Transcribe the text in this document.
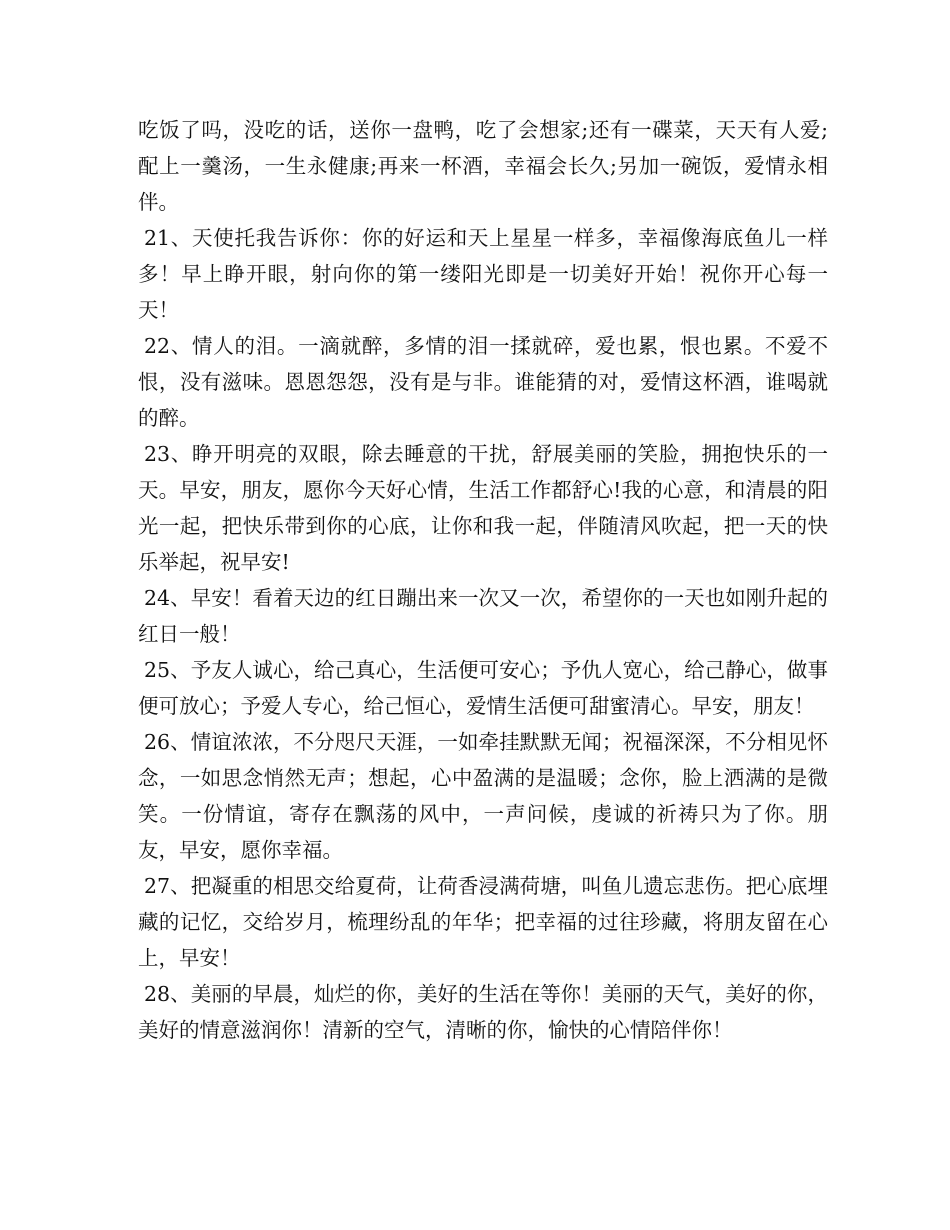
吃饭了吗，没吃的话，送你一盘鸭，吃了会想家;还有一碟菜，天天有人爱;配上一羹汤，一生永健康;再来一杯酒，幸福会长久;另加一碗饭，爱情永相伴。

21、天使托我告诉你：你的好运和天上星星一样多，幸福像海底鱼儿一样多！早上睁开眼，射向你的第一缕阳光即是一切美好开始！祝你开心每一天！

22、情人的泪。一滴就醉，多情的泪一揉就碎，爱也累，恨也累。不爱不恨，没有滋味。恩恩怨怨，没有是与非。谁能猜的对，爱情这杯酒，谁喝就的醉。

23、睁开明亮的双眼，除去睡意的干扰，舒展美丽的笑脸，拥抱快乐的一天。早安，朋友，愿你今天好心情，生活工作都舒心!我的心意，和清晨的阳光一起，把快乐带到你的心底，让你和我一起，伴随清风吹起，把一天的快乐举起，祝早安!

24、早安！看着天边的红日蹦出来一次又一次，希望你的一天也如刚升起的红日一般！

25、予友人诚心，给己真心，生活便可安心；予仇人宽心，给己静心，做事便可放心；予爱人专心，给己恒心，爱情生活便可甜蜜清心。早安，朋友！

26、情谊浓浓，不分咫尺天涯，一如牵挂默默无闻；祝福深深，不分相见怀念，一如思念悄然无声；想起，心中盈满的是温暖；念你，脸上洒满的是微笑。一份情谊，寄存在飘荡的风中，一声问候，虔诚的祈祷只为了你。朋友，早安，愿你幸福。

27、把凝重的相思交给夏荷，让荷香浸满荷塘，叫鱼儿遗忘悲伤。把心底埋藏的记忆，交给岁月，梳理纷乱的年华；把幸福的过往珍藏，将朋友留在心上，早安！

28、美丽的早晨，灿烂的你，美好的生活在等你！美丽的天气，美好的你，美好的情意滋润你！清新的空气，清晰的你，愉快的心情陪伴你！
